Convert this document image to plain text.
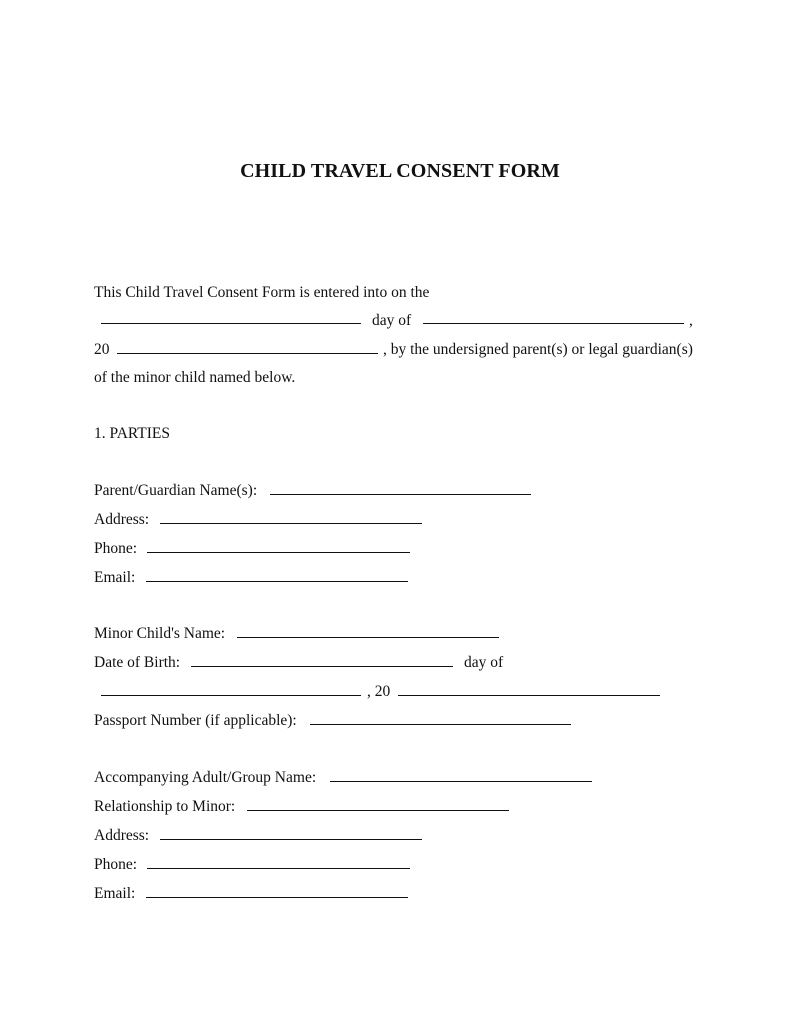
CHILD TRAVEL CONSENT FORM
This Child Travel Consent Form is entered into on the
day of	,
20	, by the undersigned parent(s) or legal guardian(s)
of the minor child named below.
1. PARTIES
Parent/Guardian Name(s):
Address:
Phone:
Email:
Minor Child's Name:
Date of Birth:	day of
, 20
Passport Number (if applicable):
Accompanying Adult/Group Name:
Relationship to Minor:
Address:
Phone:
Email:
